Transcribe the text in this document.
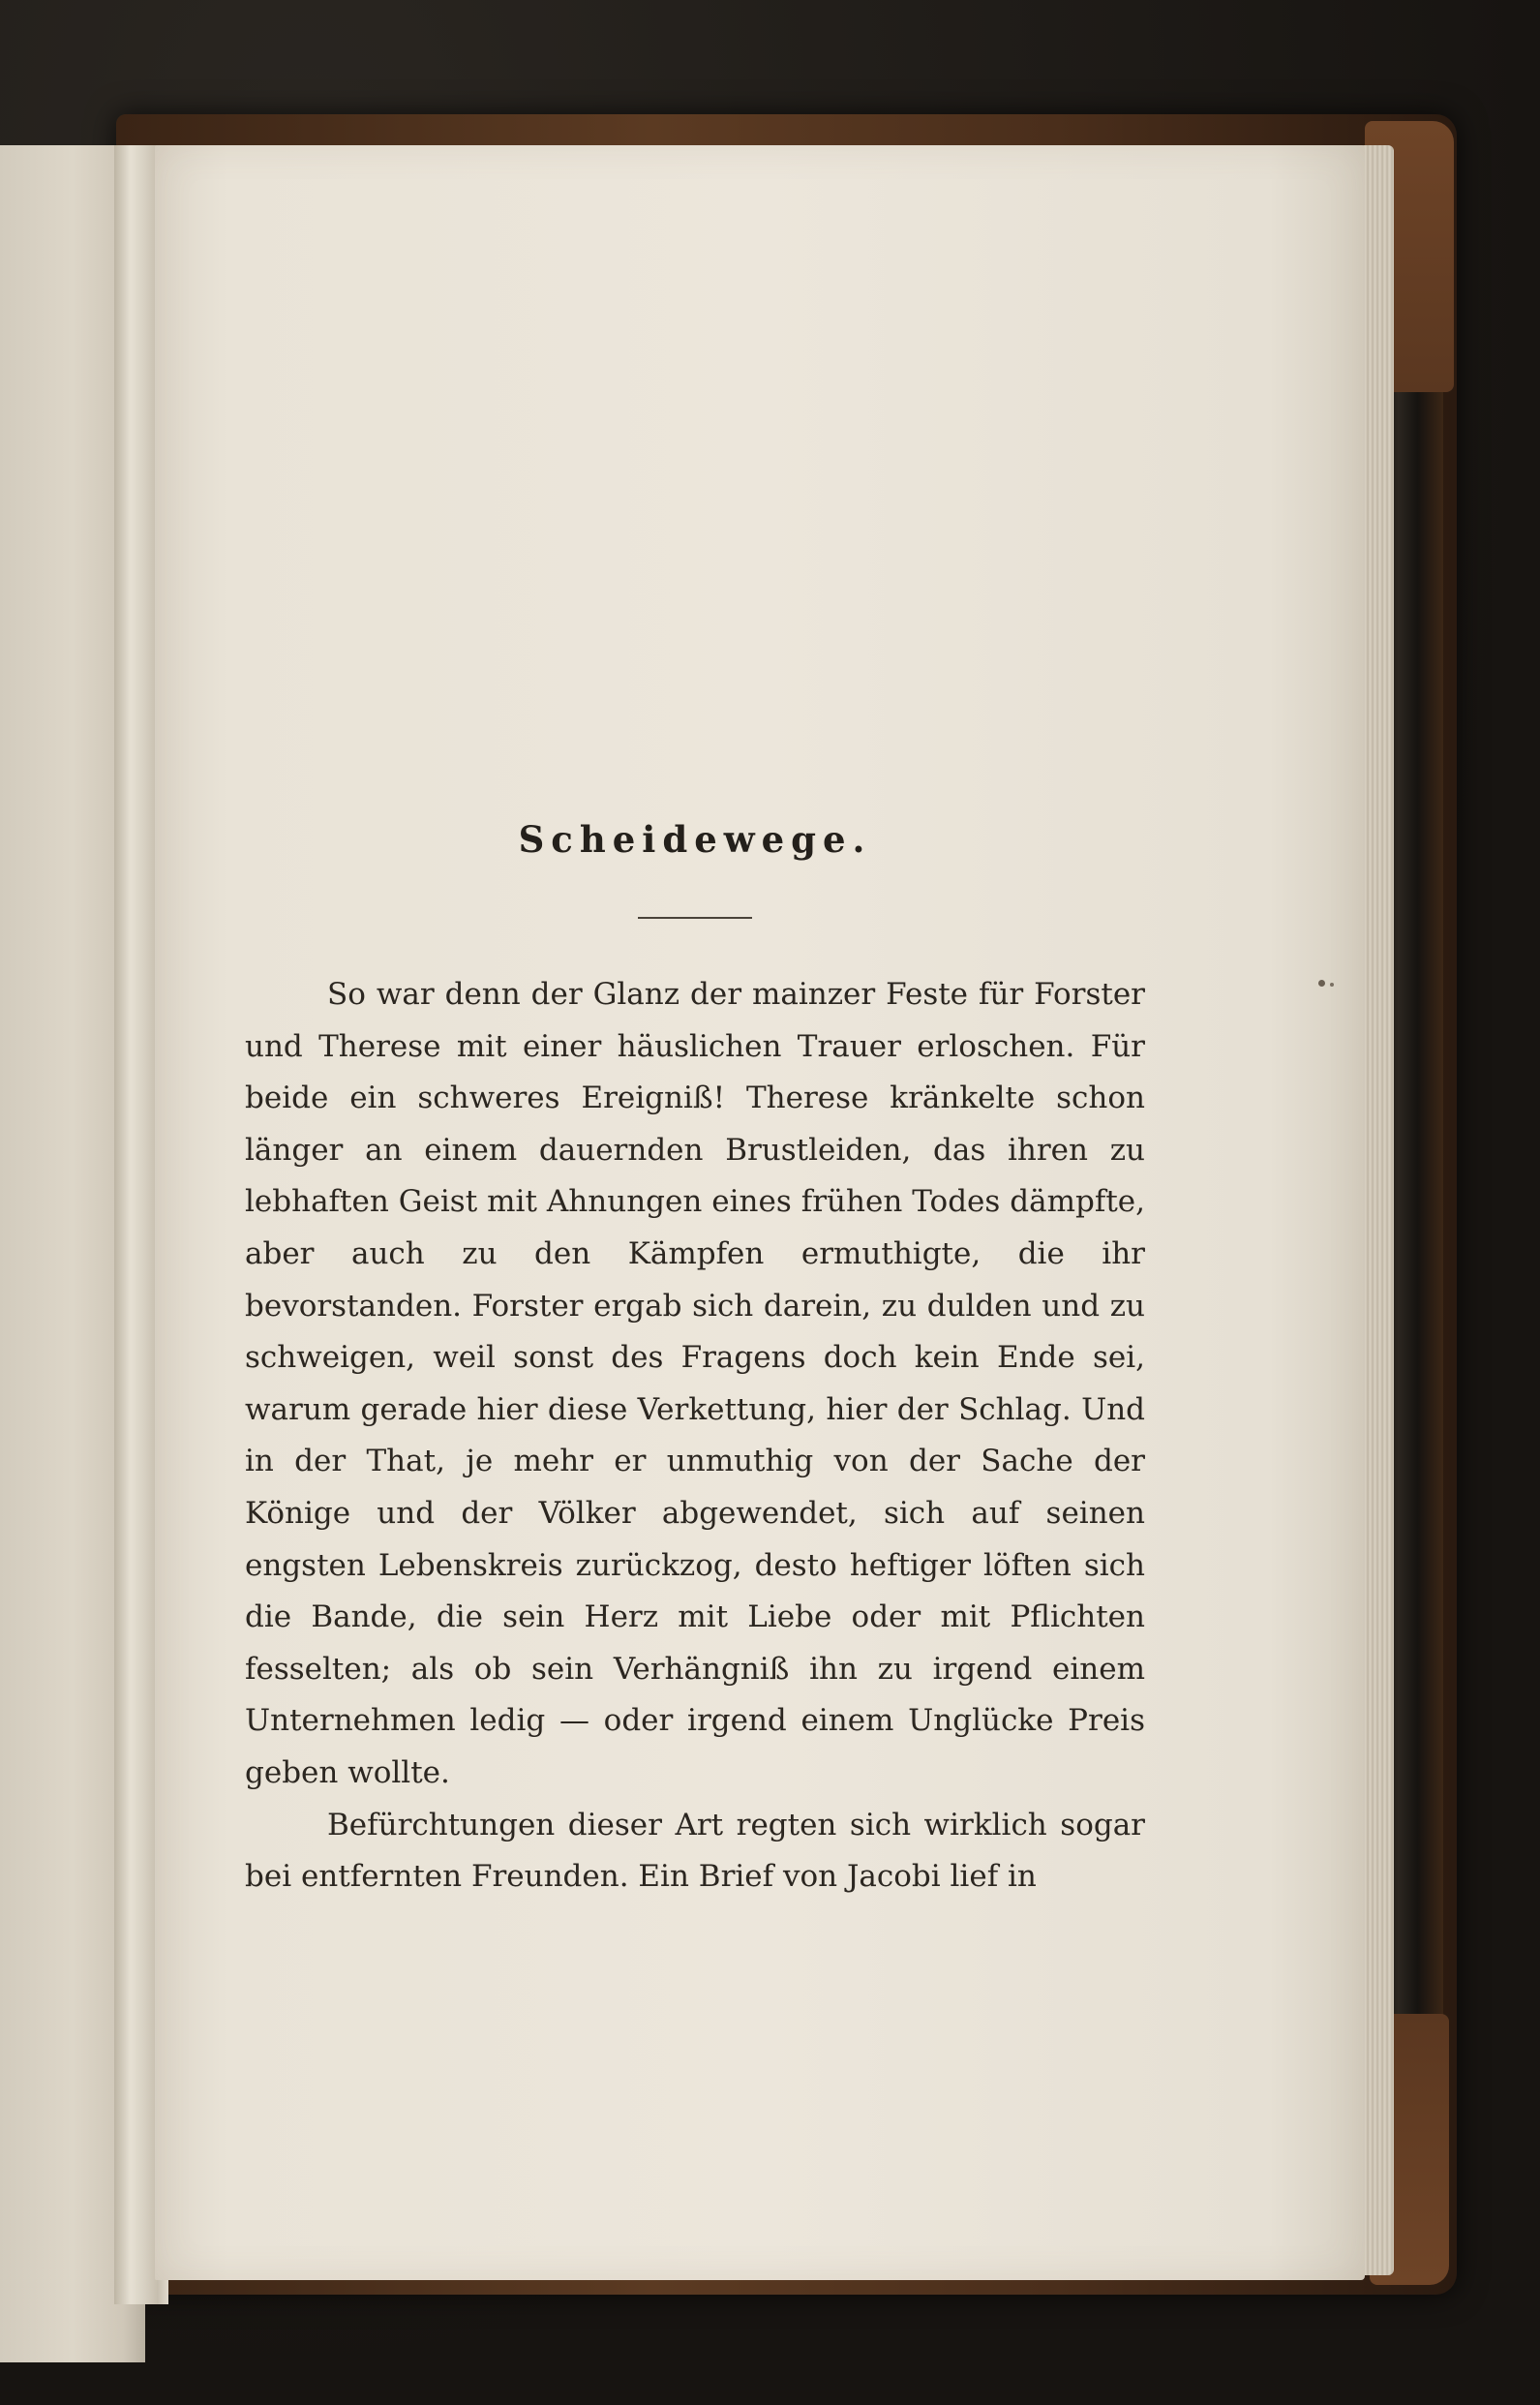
Scheidewege.

So war denn der Glanz der mainzer Feste für Forster und Therese mit einer häuslichen Trauer erloschen. Für beide ein schweres Ereigniß! Therese kränkelte schon länger an einem dauernden Brustleiden, das ihren zu lebhaften Geist mit Ahnungen eines frühen Todes dämpfte, aber auch zu den Kämpfen ermuthigte, die ihr bevorstanden. Forster ergab sich darein, zu dulden und zu schweigen, weil sonst des Fragens doch kein Ende sei, warum gerade hier diese Verkettung, hier der Schlag. Und in der That, je mehr er unmuthig von der Sache der Könige und der Völker abgewendet, sich auf seinen engsten Lebenskreis zurückzog, desto heftiger löften sich die Bande, die sein Herz mit Liebe oder mit Pflichten fesselten; als ob sein Verhängniß ihn zu irgend einem Unternehmen ledig — oder irgend einem Unglücke Preis geben wollte.

Befürchtungen dieser Art regten sich wirklich sogar bei entfernten Freunden. Ein Brief von Jacobi lief in
